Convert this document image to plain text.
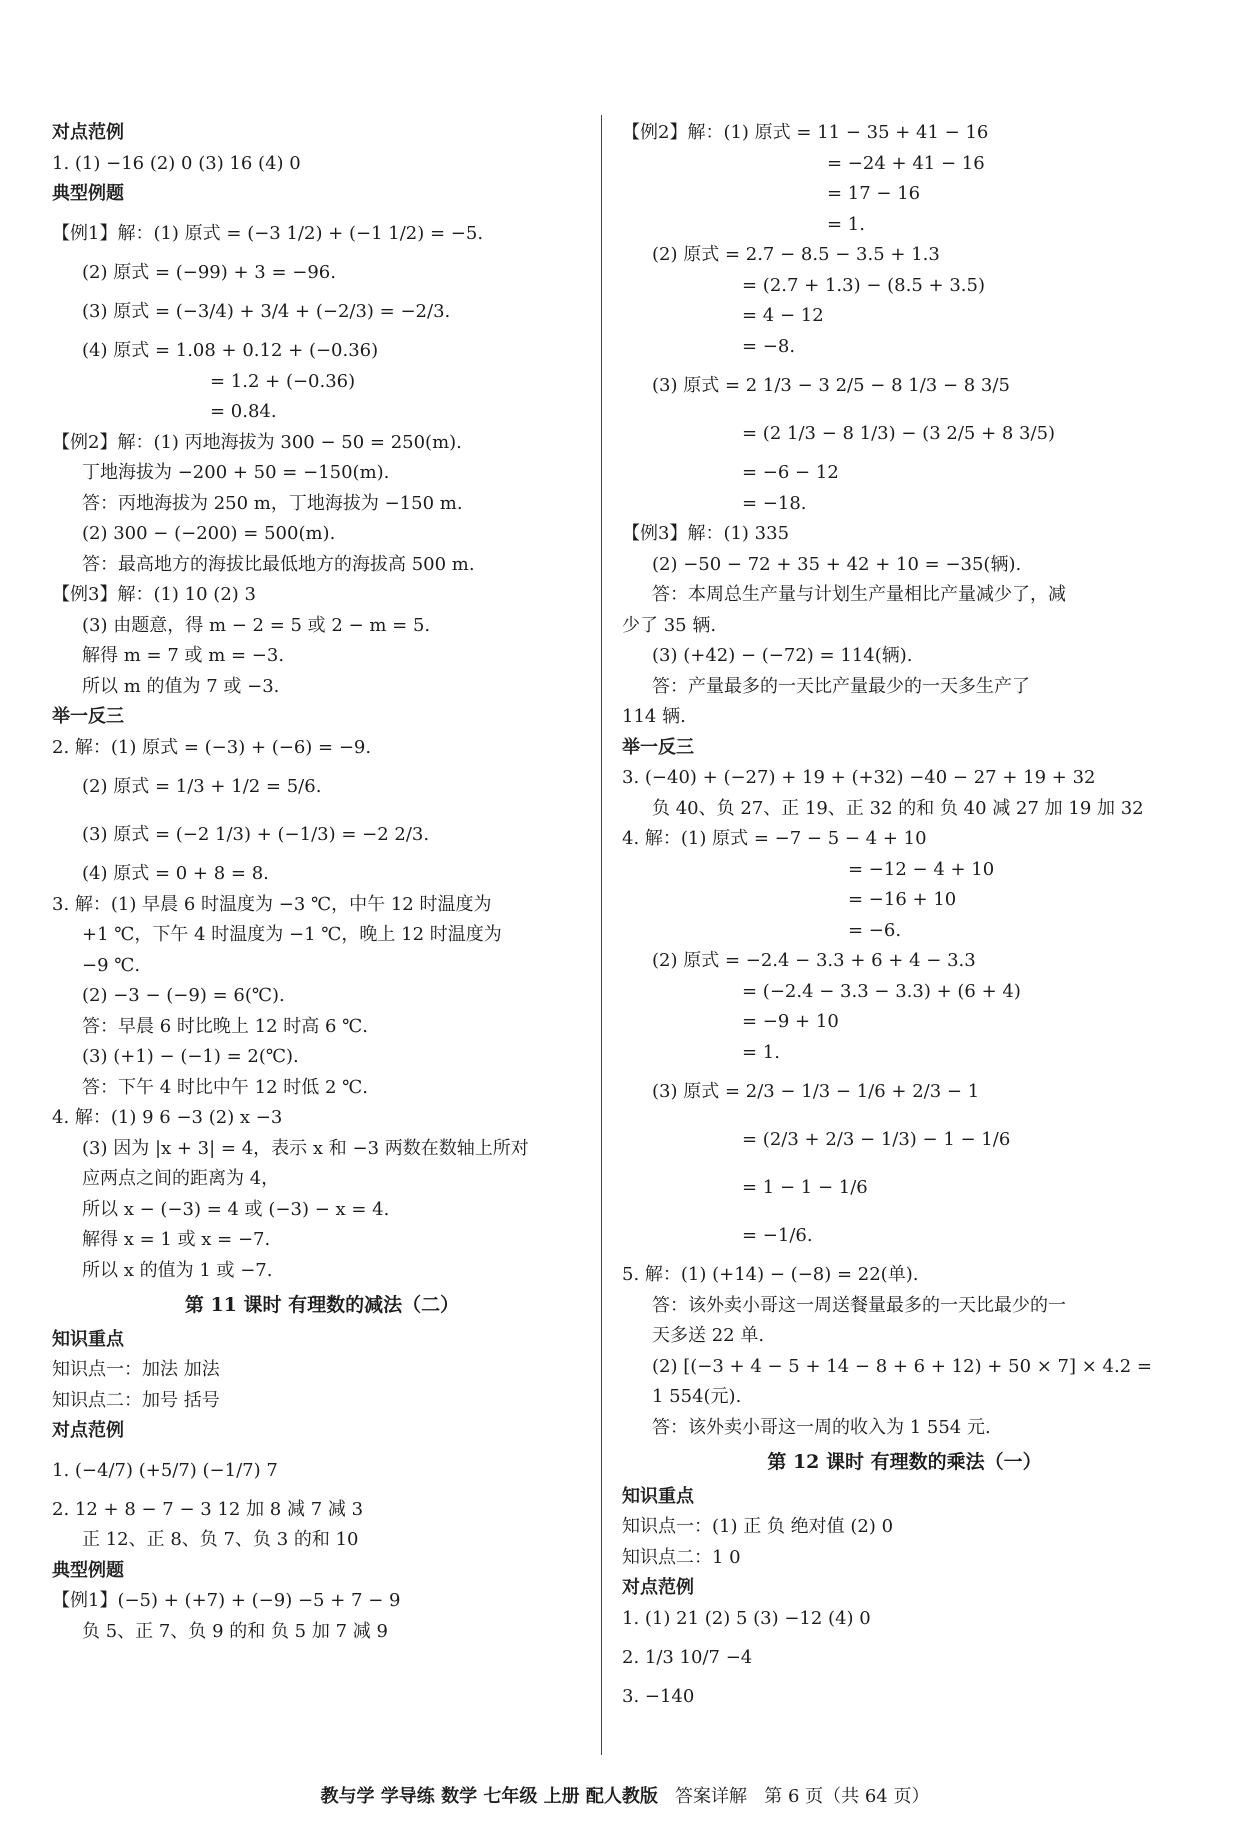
对点范例
1. (1) −16 (2) 0 (3) 16 (4) 0
典型例题
【例1】解：(1) 原式 = (−3 1/2) + (−1 1/2) = −5.
(2) 原式 = (−99) + 3 = −96.
(3) 原式 = (−3/4) + 3/4 + (−2/3) = −2/3.
(4) 原式 = 1.08 + 0.12 + (−0.36)
= 1.2 + (−0.36)
= 0.84.
【例2】解：(1) 丙地海拔为 300 − 50 = 250(m).
丁地海拔为 −200 + 50 = −150(m).
答：丙地海拔为 250 m，丁地海拔为 −150 m.
(2) 300 − (−200) = 500(m).
答：最高地方的海拔比最低地方的海拔高 500 m.
【例3】解：(1) 10 (2) 3
(3) 由题意，得 m − 2 = 5 或 2 − m = 5.
解得 m = 7 或 m = −3.
所以 m 的值为 7 或 −3.
举一反三
2. 解：(1) 原式 = (−3) + (−6) = −9.
(2) 原式 = 1/3 + 1/2 = 5/6.
(3) 原式 = (−2 1/3) + (−1/3) = −2 2/3.
(4) 原式 = 0 + 8 = 8.
3. 解：(1) 早晨 6 时温度为 −3 ℃，中午 12 时温度为
+1 ℃，下午 4 时温度为 −1 ℃，晚上 12 时温度为
−9 ℃.
(2) −3 − (−9) = 6(℃).
答：早晨 6 时比晚上 12 时高 6 ℃.
(3) (+1) − (−1) = 2(℃).
答：下午 4 时比中午 12 时低 2 ℃.
4. 解：(1) 9 6 −3 (2) x −3
(3) 因为 |x + 3| = 4，表示 x 和 −3 两数在数轴上所对
应两点之间的距离为 4，
所以 x − (−3) = 4 或 (−3) − x = 4.
解得 x = 1 或 x = −7.
所以 x 的值为 1 或 −7.
第 11 课时 有理数的减法（二）
知识重点
知识点一：加法 加法
知识点二：加号 括号
对点范例
1. (−4/7) (+5/7) (−1/7) 7
2. 12 + 8 − 7 − 3 12 加 8 减 7 减 3
正 12、正 8、负 7、负 3 的和 10
典型例题
【例1】(−5) + (+7) + (−9) −5 + 7 − 9
负 5、正 7、负 9 的和 负 5 加 7 减 9
【例2】解：(1) 原式 = 11 − 35 + 41 − 16
= −24 + 41 − 16
= 17 − 16
= 1.
(2) 原式 = 2.7 − 8.5 − 3.5 + 1.3
= (2.7 + 1.3) − (8.5 + 3.5)
= 4 − 12
= −8.
(3) 原式 = 2 1/3 − 3 2/5 − 8 1/3 − 8 3/5
= (2 1/3 − 8 1/3) − (3 2/5 + 8 3/5)
= −6 − 12
= −18.
【例3】解：(1) 335
(2) −50 − 72 + 35 + 42 + 10 = −35(辆).
答：本周总生产量与计划生产量相比产量减少了，减
少了 35 辆.
(3) (+42) − (−72) = 114(辆).
答：产量最多的一天比产量最少的一天多生产了
114 辆.
举一反三
3. (−40) + (−27) + 19 + (+32) −40 − 27 + 19 + 32
负 40、负 27、正 19、正 32 的和 负 40 减 27 加 19 加 32
4. 解：(1) 原式 = −7 − 5 − 4 + 10
= −12 − 4 + 10
= −16 + 10
= −6.
(2) 原式 = −2.4 − 3.3 + 6 + 4 − 3.3
= (−2.4 − 3.3 − 3.3) + (6 + 4)
= −9 + 10
= 1.
(3) 原式 = 2/3 − 1/3 − 1/6 + 2/3 − 1
= (2/3 + 2/3 − 1/3) − 1 − 1/6
= 1 − 1 − 1/6
= −1/6.
5. 解：(1) (+14) − (−8) = 22(单).
答：该外卖小哥这一周送餐量最多的一天比最少的一
天多送 22 单.
(2) [(−3 + 4 − 5 + 14 − 8 + 6 + 12) + 50 × 7] × 4.2 =
1 554(元).
答：该外卖小哥这一周的收入为 1 554 元.
第 12 课时 有理数的乘法（一）
知识重点
知识点一：(1) 正 负 绝对值 (2) 0
知识点二：1 0
对点范例
1. (1) 21 (2) 5 (3) −12 (4) 0
2. 1/3 10/7 −4
3. −140
教与学 学导练 数学 七年级 上册 配人教版 答案详解 第 6 页（共 64 页）
